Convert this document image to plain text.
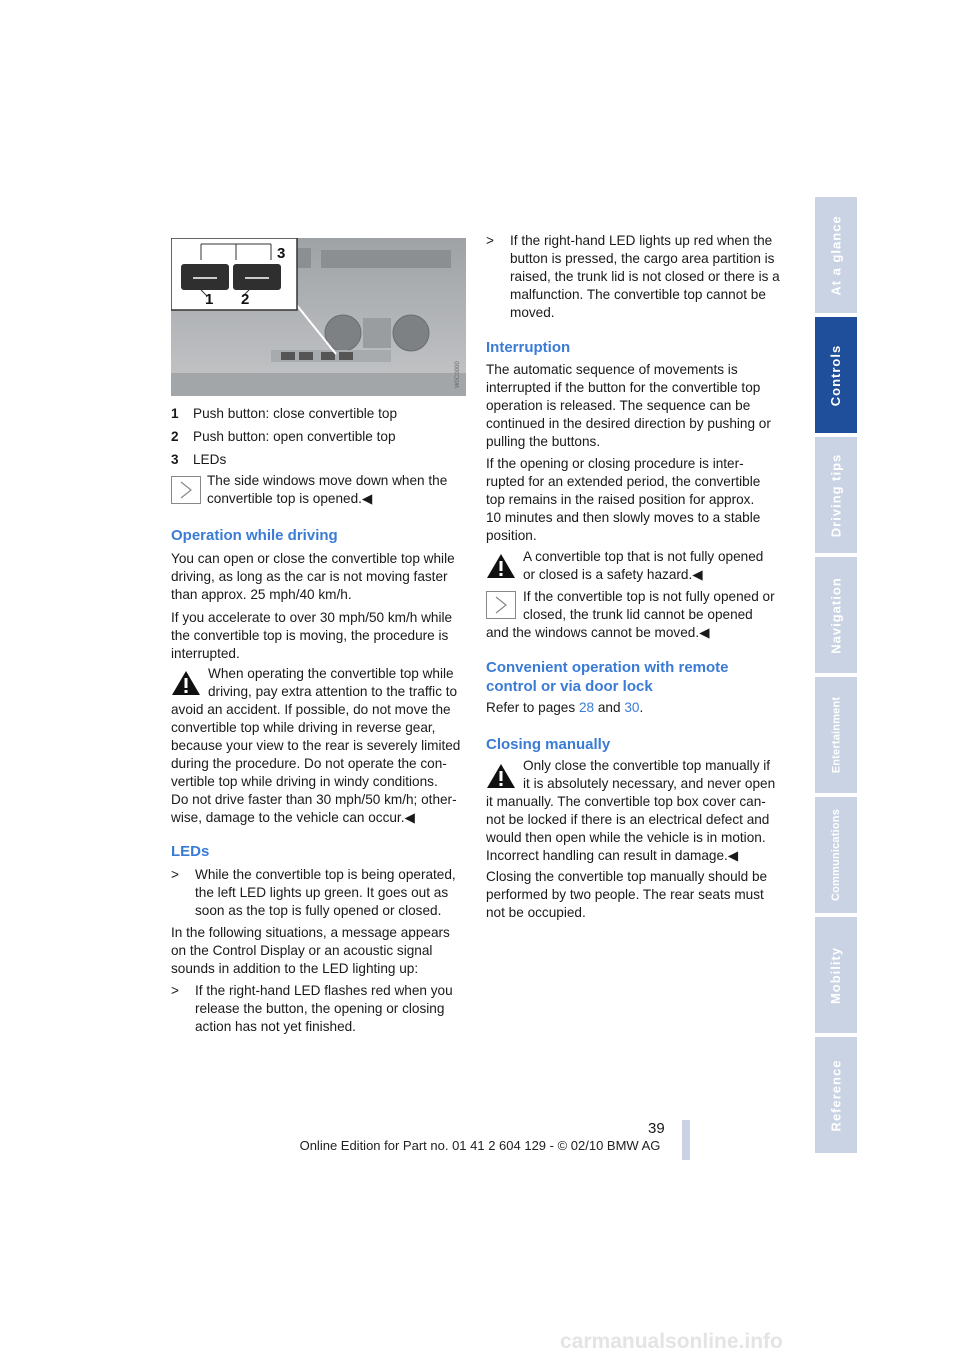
At a glance
Controls
Driving tips
Navigation
Entertainment
Communications
Mobility
Reference
3
1 2
W0C0000
1 Push button: close convertible top
2 Push button: open convertible top
3 LEDs
The side windows move down when the
convertible top is opened.◀
Operation while driving
You can open or close the convertible top while
driving, as long as the car is not moving faster
than approx. 25 mph/40 km/h.
If you accelerate to over 30 mph/50 km/h while
the convertible top is moving, the procedure is
interrupted.
When operating the convertible top while
driving, pay extra attention to the traffic to
avoid an accident. If possible, do not move the
convertible top while driving in reverse gear,
because your view to the rear is severely limited
during the procedure. Do not operate the con-
vertible top while driving in windy conditions.
Do not drive faster than 30 mph/50 km/h; other-
wise, damage to the vehicle can occur.◀
LEDs
> While the convertible top is being operated,
the left LED lights up green. It goes out as
soon as the top is fully opened or closed.
In the following situations, a message appears
on the Control Display or an acoustic signal
sounds in addition to the LED lighting up:
> If the right-hand LED flashes red when you
release the button, the opening or closing
action has not yet finished.
> If the right-hand LED lights up red when the
button is pressed, the cargo area partition is
raised, the trunk lid is not closed or there is a
malfunction. The convertible top cannot be
moved.
Interruption
The automatic sequence of movements is
interrupted if the button for the convertible top
operation is released. The sequence can be
continued in the desired direction by pushing or
pulling the buttons.
If the opening or closing procedure is inter-
rupted for an extended period, the convertible
top remains in the raised position for approx.
10 minutes and then slowly moves to a stable
position.
A convertible top that is not fully opened
or closed is a safety hazard.◀
If the convertible top is not fully opened or
closed, the trunk lid cannot be opened
and the windows cannot be moved.◀
Convenient operation with remote
control or via door lock
Refer to pages 28 and 30.
Closing manually
Only close the convertible top manually if
it is absolutely necessary, and never open
it manually. The convertible top box cover can-
not be locked if there is an electrical defect and
would then open while the vehicle is in motion.
Incorrect handling can result in damage.◀
Closing the convertible top manually should be
performed by two people. The rear seats must
not be occupied.
39
Online Edition for Part no. 01 41 2 604 129 - © 02/10 BMW AG
carmanualsonline.info
